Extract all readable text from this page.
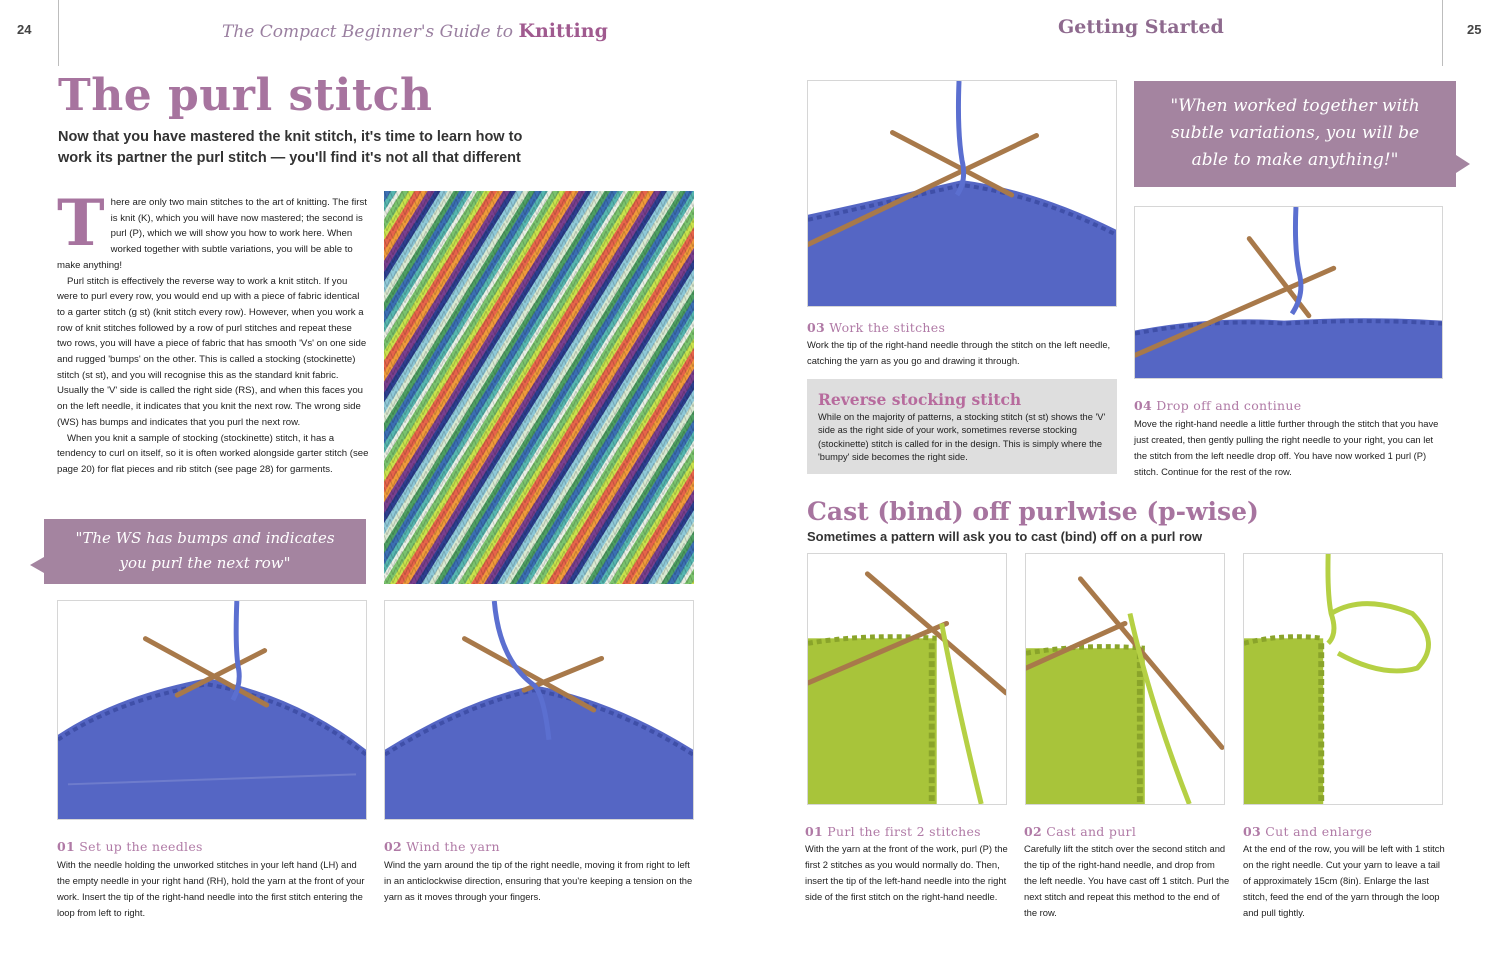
24	The Compact Beginner's Guide to Knitting	Getting Started	25
The purl stitch
Now that you have mastered the knit stitch, it's time to learn how to work its partner the purl stitch — you'll find it's not all that different

There are only two main stitches to the art of knitting. The first is knit (K), which you will have now mastered; the second is purl (P), which we will show you how to work here. When worked together with subtle variations, you will be able to make anything!

Purl stitch is effectively the reverse way to work a knit stitch. If you were to purl every row, you would end up with a piece of fabric identical to a garter stitch (g st) (knit stitch every row). However, when you work a row of knit stitches followed by a row of purl stitches and repeat these two rows, you will have a piece of fabric that has smooth 'Vs' on one side and rugged 'bumps' on the other. This is called a stocking (stockinette) stitch (st st), and you will recognise this as the standard knit fabric. Usually the 'V' side is called the right side (RS), and when this faces you on the left needle, it indicates that you knit the next row. The wrong side (WS) has bumps and indicates that you purl the next row.

When you knit a sample of stocking (stockinette) stitch, it has a tendency to curl on itself, so it is often worked alongside garter stitch (see page 20) for flat pieces and rib stitch (see page 28) for garments.

"The WS has bumps and indicates you purl the next row"
01 Set up the needles
With the needle holding the unworked stitches in your left hand (LH) and the empty needle in your right hand (RH), hold the yarn at the front of your work. Insert the tip of the right-hand needle into the first stitch entering the loop from left to right.
02 Wind the yarn
Wind the yarn around the tip of the right needle, moving it from right to left in an anticlockwise direction, ensuring that you're keeping a tension on the yarn as it moves through your fingers.
03 Work the stitches
Work the tip of the right-hand needle through the stitch on the left needle, catching the yarn as you go and drawing it through.
Reverse stocking stitch

While on the majority of patterns, a stocking stitch (st st) shows the 'V' side as the right side of your work, sometimes reverse stocking (stockinette) stitch is called for in the design. This is simply where the 'bumpy' side becomes the right side.

"When worked together with subtle variations, you will be able to make anything!"
04 Drop off and continue
Move the right-hand needle a little further through the stitch that you have just created, then gently pulling the right needle to your right, you can let the stitch from the left needle drop off. You have now worked 1 purl (P) stitch. Continue for the rest of the row.
Cast (bind) off purlwise (p-wise)
Sometimes a pattern will ask you to cast (bind) off on a purl row
01 Purl the first 2 stitches
With the yarn at the front of the work, purl (P) the first 2 stitches as you would normally do. Then, insert the tip of the left-hand needle into the right side of the first stitch on the right-hand needle.
02 Cast and purl
Carefully lift the stitch over the second stitch and the tip of the right-hand needle, and drop from the left needle. You have cast off 1 stitch. Purl the next stitch and repeat this method to the end of the row.
03 Cut and enlarge
At the end of the row, you will be left with 1 stitch on the right needle. Cut your yarn to leave a tail of approximately 15cm (8in). Enlarge the last stitch, feed the end of the yarn through the loop and pull tightly.
